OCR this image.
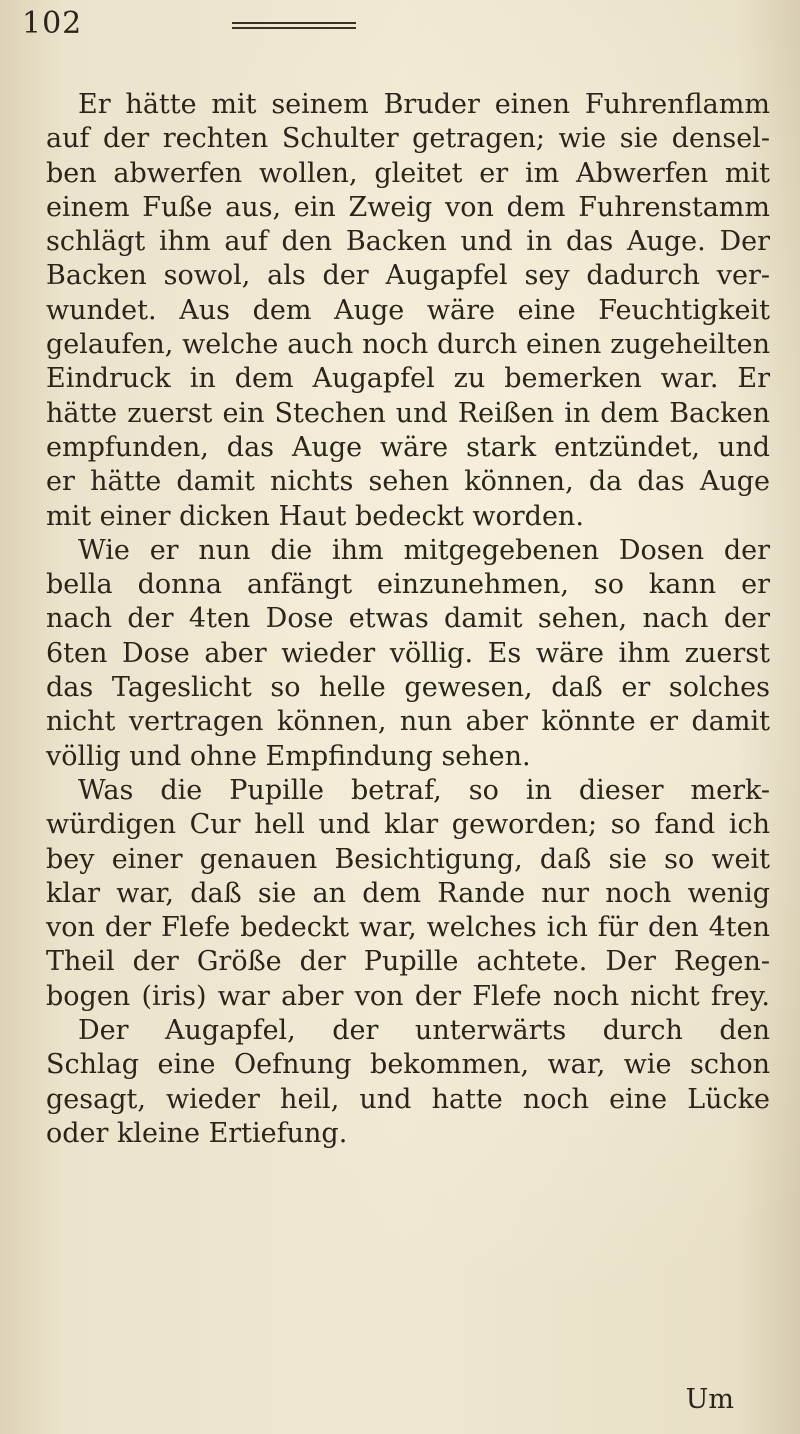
102

Er hätte mit seinem Bruder einen Fuhrenflamm
auf der rechten Schulter getragen; wie sie densel-
ben abwerfen wollen, gleitet er im Abwerfen mit
einem Fuße aus, ein Zweig von dem Fuhrenstamm
schlägt ihm auf den Backen und in das Auge. Der
Backen sowol, als der Augapfel sey dadurch ver-
wundet. Aus dem Auge wäre eine Feuchtigkeit
gelaufen, welche auch noch durch einen zugeheilten
Eindruck in dem Augapfel zu bemerken war. Er
hätte zuerst ein Stechen und Reißen in dem Backen
empfunden, das Auge wäre stark entzündet, und
er hätte damit nichts sehen können, da das Auge
mit einer dicken Haut bedeckt worden.

Wie er nun die ihm mitgegebenen Dosen der
bella donna anfängt einzunehmen, so kann er
nach der 4ten Dose etwas damit sehen, nach der
6ten Dose aber wieder völlig. Es wäre ihm zuerst
das Tageslicht so helle gewesen, daß er solches
nicht vertragen können, nun aber könnte er damit
völlig und ohne Empfindung sehen.

Was die Pupille betraf, so in dieser merk-
würdigen Cur hell und klar geworden; so fand ich
bey einer genauen Besichtigung, daß sie so weit
klar war, daß sie an dem Rande nur noch wenig
von der Flefe bedeckt war, welches ich für den 4ten
Theil der Größe der Pupille achtete. Der Regen-
bogen (iris) war aber von der Flefe noch nicht frey.

Der Augapfel, der unterwärts durch den
Schlag eine Oefnung bekommen, war, wie schon
gesagt, wieder heil, und hatte noch eine Lücke
oder kleine Ertiefung.

Um
